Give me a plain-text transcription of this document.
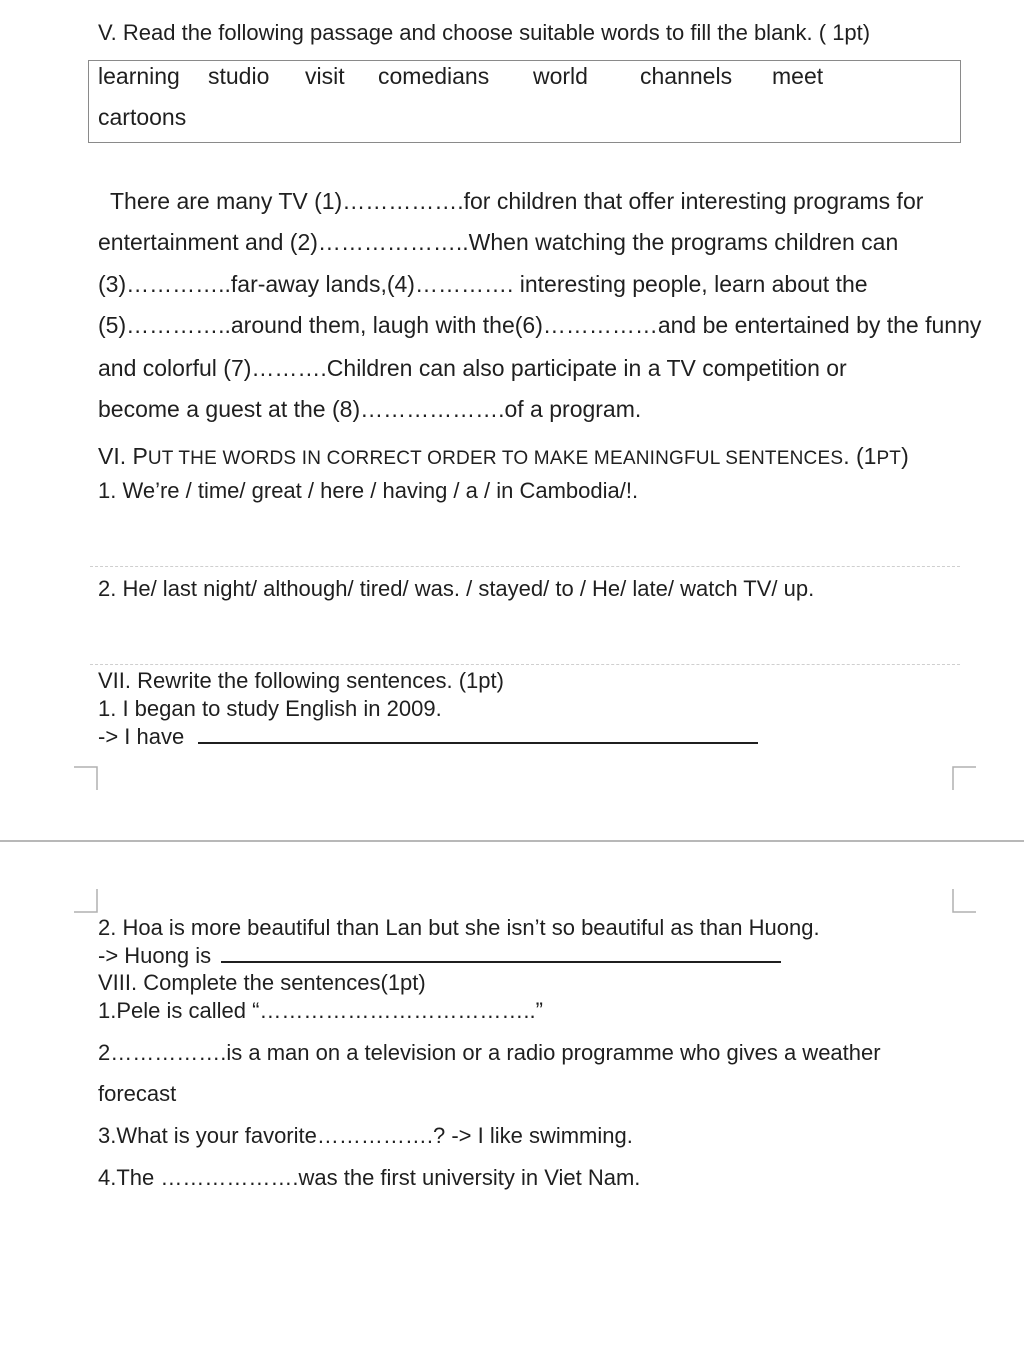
V. Read the following passage and choose suitable words to fill the blank. ( 1pt)
learning studio visit comedians world channels meet
cartoons
There are many TV (1)…………….for children that offer interesting programs for
entertainment and (2)………………..When watching the programs children can
(3)…………..far-away lands,(4)…………. interesting people, learn about the
(5)…………..around them, laugh with the(6)……………and be entertained by the funny
and colorful (7)……….Children can also participate in a TV competition or
become a guest at the (8)……………….of a program.
VI. PUT THE WORDS IN CORRECT ORDER TO MAKE MEANINGFUL SENTENCES. (1PT)
1. We’re / time/ great / here / having / a / in Cambodia/!.
2. He/ last night/ although/ tired/ was. / stayed/ to / He/ late/ watch TV/ up.
VII. Rewrite the following sentences. (1pt)
1. I began to study English in 2009.
-> I have
2. Hoa is more beautiful than Lan but she isn’t so beautiful as than Huong.
-> Huong is
VIII. Complete the sentences(1pt)
1.Pele is called “………………………………..”
2…………….is a man on a television or a radio programme who gives a weather
forecast
3.What is your favorite…………….? -> I like swimming.
4.The ……………….was the first university in Viet Nam.
